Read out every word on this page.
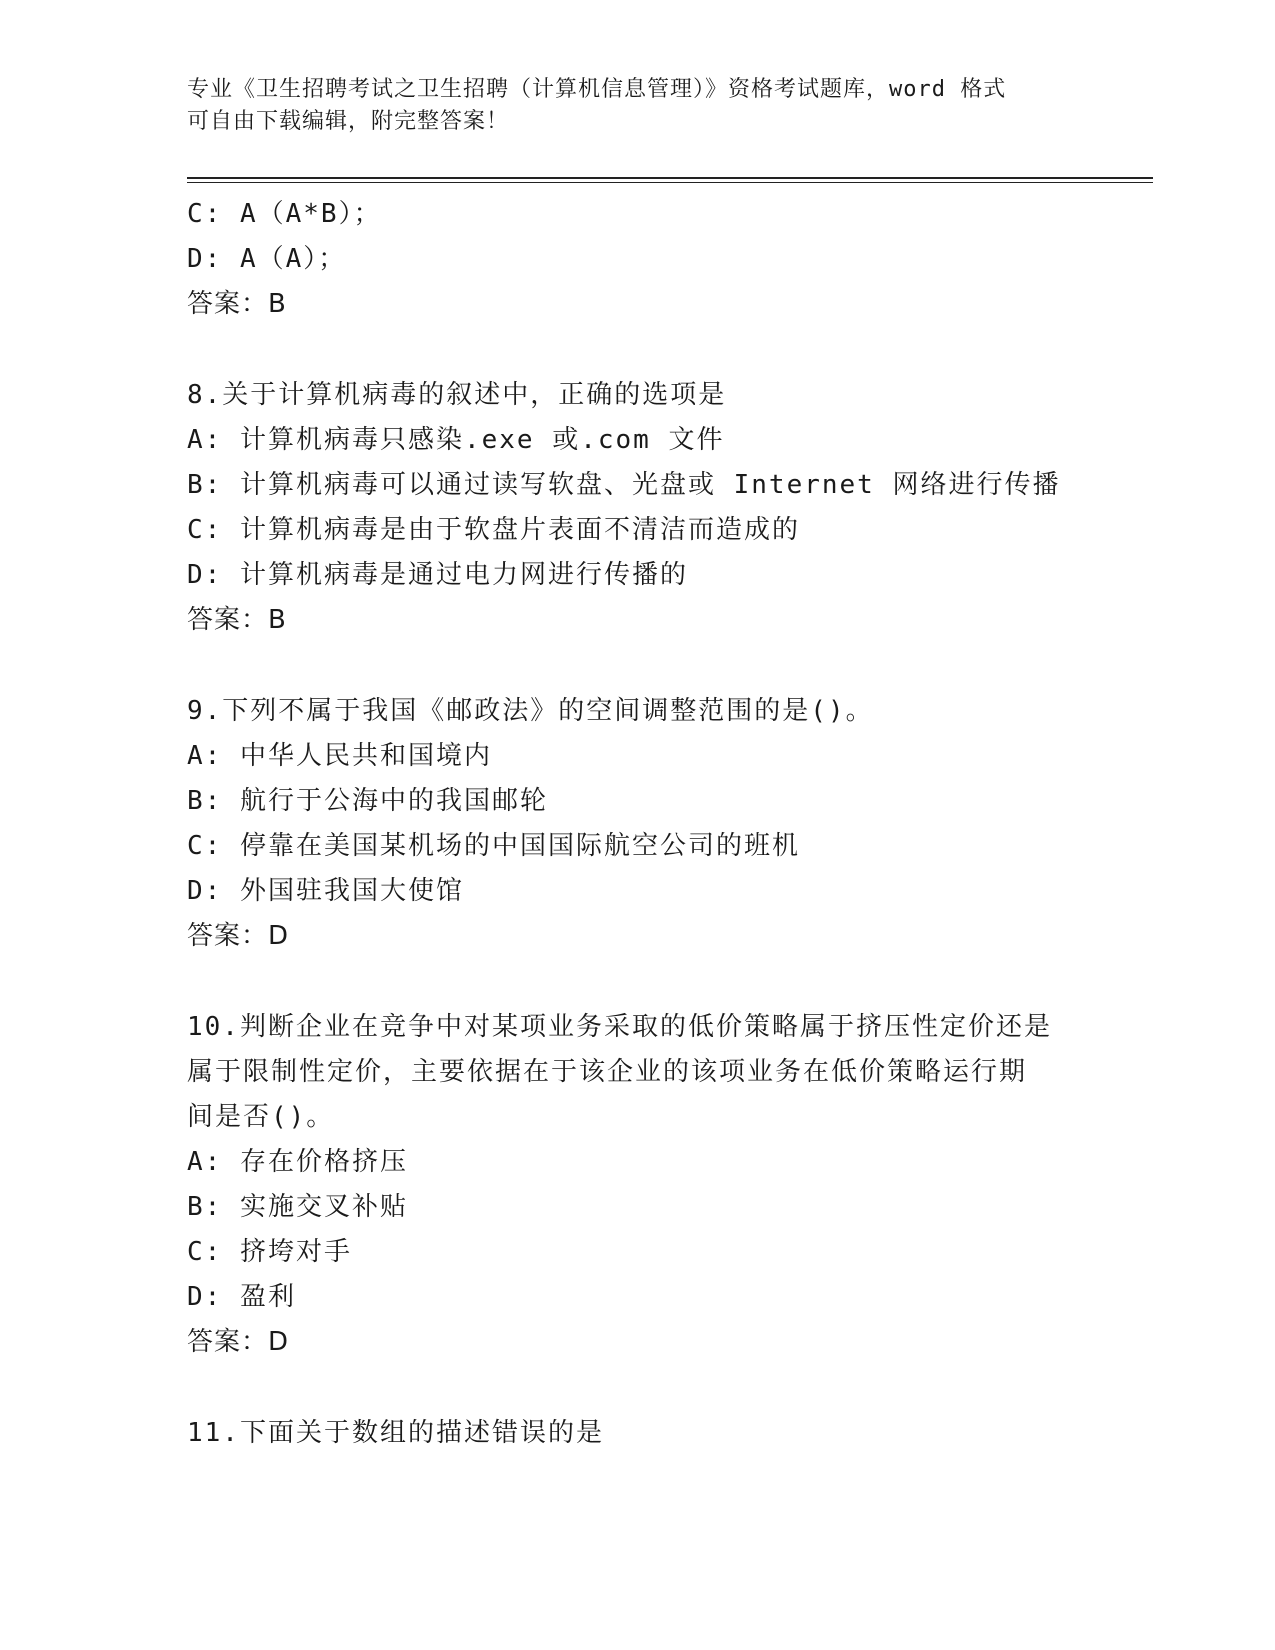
专业《卫生招聘考试之卫生招聘（计算机信息管理）》资格考试题库，word 格式
可自由下载编辑，附完整答案！
C: A（A*B）；
D: A（A）；
答案：B
8.关于计算机病毒的叙述中，正确的选项是
A: 计算机病毒只感染.exe 或.com 文件
B: 计算机病毒可以通过读写软盘、光盘或 Internet 网络进行传播
C: 计算机病毒是由于软盘片表面不清洁而造成的
D: 计算机病毒是通过电力网进行传播的
答案：B
9.下列不属于我国《邮政法》的空间调整范围的是()。
A: 中华人民共和国境内
B: 航行于公海中的我国邮轮
C: 停靠在美国某机场的中国国际航空公司的班机
D: 外国驻我国大使馆
答案：D
10.判断企业在竞争中对某项业务采取的低价策略属于挤压性定价还是
属于限制性定价，主要依据在于该企业的该项业务在低价策略运行期
间是否()。
A: 存在价格挤压
B: 实施交叉补贴
C: 挤垮对手
D: 盈利
答案：D
11.下面关于数组的描述错误的是
